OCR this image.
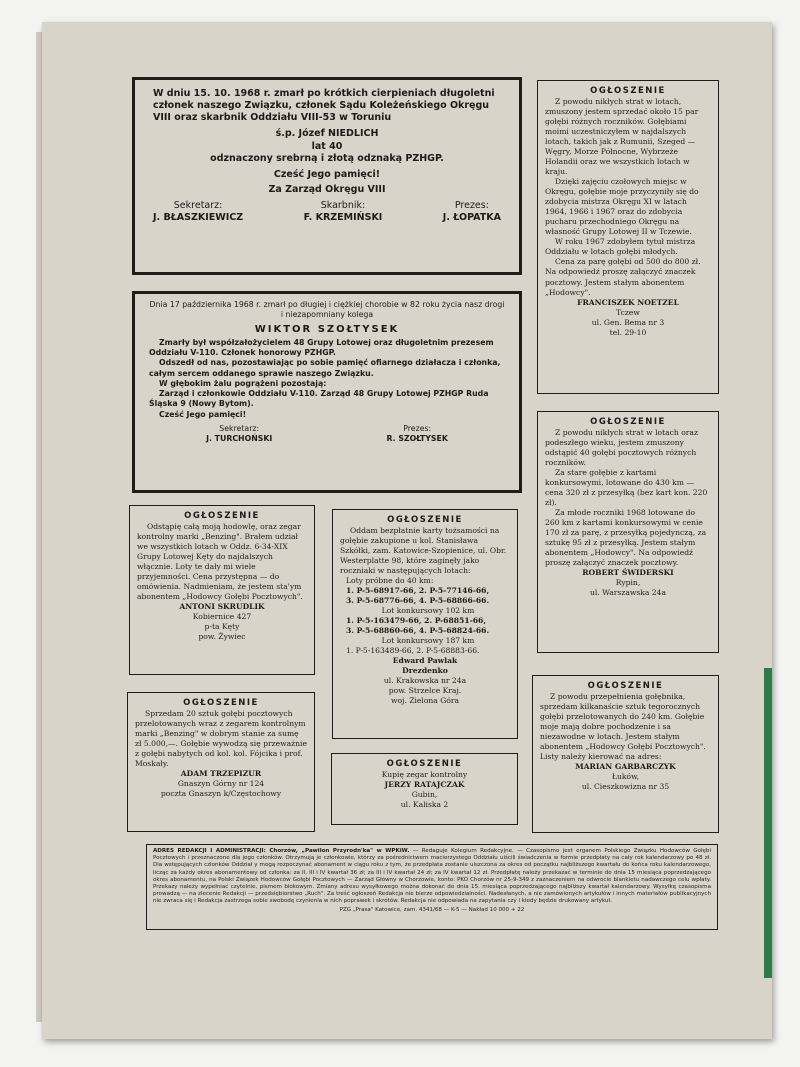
W dniu 15. 10. 1968 r. zmarł po krótkich cierpieniach długoletni członek naszego Związku, członek Sądu Koleżeńskiego Okręgu VIII oraz skarbnik Oddziału VIII-53 w Toruniu

ś.p. Józef NIEDLICH

lat 40

odznaczony srebrną i złotą odznaką PZHGP.

Cześć Jego pamięci!

Za Zarząd Okręgu VIII

Sekretarz:

J. BŁASZKIEWICZ

Skarbnik:

F. KRZEMIŃSKI

Prezes:

J. ŁOPATKA

Dnia 17 października 1968 r. zmarł po długiej i ciężkiej chorobie w 82 roku życia nasz drogi i niezapomniany kolega

WIKTOR SZOŁTYSEK

Zmarły był współzałożycielem 48 Grupy Lotowej oraz długoletnim prezesem Oddziału V-110. Członek honorowy PZHGP.

Odszedł od nas, pozostawiając po sobie pamięć ofiarnego działacza i członka, całym sercem oddanego sprawie naszego Związku.

W głębokim żalu pogrążeni pozostają:

Zarząd i członkowie Oddziału V-110. Zarząd 48 Grupy Lotowej PZHGP Ruda Śląska 9 (Nowy Bytom).

Cześć Jego pamięci!

Sekretarz:

J. TURCHOŃSKI

Prezes:

R. SZOŁTYSEK

OGŁOSZENIE

Z powodu nikłych strat w lotach, zmuszony jestem sprzedać około 15 par gołębi różnych roczników. Gołębiami moimi uczestniczyłem w najdalszych lotach, takich jak z Rumunii, Szeged — Węgry, Morze Północne, Wybrzeże Holandii oraz we wszystkich lotach w kraju.

Dzięki zajęciu czołowych miejsc w Okręgu, gołębie moje przyczyniły się do zdobycia mistrza Okręgu XI w latach 1964, 1966 i 1967 oraz do zdobycia pucharu przechodniego Okręgu na własność Grupy Lotowej II w Tczewie.

W roku 1967 zdobyłem tytuł mistrza Oddziału w lotach gołębi młodych.

Cena za parę gołębi od 500 do 800 zł. Na odpowiedź proszę załączyć znaczek pocztowy. Jestem stałym abonentem „Hodowcy".

FRANCISZEK NOETZEL

Tczew

ul. Gen. Bema nr 3

tel. 29-10

OGŁOSZENIE

Z powodu nikłych strat w lotach oraz podeszłego wieku, jestem zmuszony odstąpić 40 gołębi pocztowych różnych roczników.

Za stare gołębie z kartami konkursowymi, lotowane do 430 km — cena 320 zł z przesyłką (bez kart kon. 220 zł).

Za młode roczniki 1968 lotowane do 260 km z kartami konkursowymi w cenie 170 zł za parę, z przesyłką pojedynczą, za sztukę 95 zł z przesyłką. Jestem stałym abonentem „Hodowcy". Na odpowiedź proszę załączyć znaczek pocztowy.

ROBERT ŚWIDERSKI

Rypin,

ul. Warszawska 24a

OGŁOSZENIE

Z powodu przepełnienia gołębnika, sprzedam kilkanaście sztuk tegorocznych gołębi przelotowanych do 240 km. Gołębie moje mają dobre pochodzenie i sa niezawodne w lotach. Jestem stałym abonentem „Hodowcy Gołębi Pocztowych". Listy należy kierować na adres:

MARIAN GARBARCZYK

Łuków,

ul. Cieszkowizna nr 35

OGŁOSZENIE

Odstąpię całą moją hodowlę, oraz zegar kontrolny marki „Benzing". Brałem udział we wszystkich lotach w Oddz. 6-34-XIX Grupy Lotowej Kęty do najdalszych włącznie. Loty te dały mi wiele przyjemności. Cena przystępna — do omówienia. Nadmieniam, że jestem sta'ym abonentem „Hodowcy Gołębi Pocztowych".

ANTONI SKRUDLIK

Kobiernice 427

p-ta Kęty

pow. Żywiec

OGŁOSZENIE

Oddam bezpłatnie karty tożsamości na gołębie zakupione u kol. Stanisława Szkółki, zam. Katowice-Szopienice, ul. Obr. Westerplatte 98, które zaginęły jako roczniaki w następujących lotach:

Loty próbne do 40 km:

1. P-5-68917-66, 2. P-5-77146-66,

3. P-5-68776-66, 4. P-5-68866-66.

Lot konkursowy 102 km

1. P-5-163479-66, 2. P-68851-66,

3. P-5-68860-66, 4. P-5-68824-66.

Lot konkursowy 187 km

1. P-5-163489-66, 2. P-5-68883-66.

Edward Pawlak

Drezdenko

ul. Krakowska nr 24a

pow. Strzelce Kraj.

woj. Zielona Góra

OGŁOSZENIE

Sprzedam 20 sztuk gołębi pocztowych przelotowanych wraz z zegarem kontrolnym marki „Benzing" w dobrym stanie za sumę zł 5.000,—. Gołębie wywodzą się przeważnie z gołębi nabytych od kol. kol. Fójcika i prof. Moskały.

ADAM TRZEPIZUR

Gnaszyn Górny nr 124

poczta Gnaszyn k/Częstochowy

OGŁOSZENIE

Kupię zegar kontrolny

JERZY RATAJCZAK

Gubin,

ul. Kaliska 2

ADRES REDAKCJI I ADMINISTRACJI: Chorzów, „Pawilon Przyrodn'ka" w WPKiW. — Redaguje Kolegium Redakcyjne. — Czasopismo jest organem Polskiego Związku Hodowców Gołębi Pocztowych i przeznaczone dla jego członków. Otrzymują je członkowie, którzy za pośrednictwem macierzystego Oddziału uiścili świadczenia w formie przedpłaty na cały rok kalendarzowy po 48 zł. Dla wstępujących członków Oddział y mogą rozpoczynać abonament w ciągu roku z tym, że przedpłata zostanie uiszczona za okres od początku najbliższego kwartału do końca roku kalendarzowego, licząc za każdy okres abonamentowy od członka: za II, III i IV kwartał 36 zł; za III i IV kwartał 24 zł; za IV kwartał 12 zł. Przedpłatę należy przekazać w terminie do dnia 15 miesiąca poprzedzającego okres abonamentu, na Polski Związek Hodowców Gołębi Pocztowych — Zarząd Główny w Chorzowie, konto: PKO Chorzów nr 25-9-349 z zaznaczeniem na odwrocie blankietu nadawczego celu wpłaty. Przekazy należy wypełniać czytelnie, pismem blokowym. Zmiany adresu wysyłkowego można dokonać do dnia 15. miesiąca poprzedzającego najbliższy kwartał kalendarzowy. Wysyłkę czasopisma prowadzą — na zlecenie Redakcji — przedsiębiorstwo „Ruch". Za treść ogłoszeń Redakcja nie bierze odpowiedzialności. Nadesłanych, a nie zamówionych artykułów i innych materiałów publikacyjnych nie zwraca się i Redakcja zastrzega sobie swobodę czynienia w nich poprawek i skrótów. Redakcja nie odpowiada na zapytania czy i kiedy będzie drukowany artykuł.

PZG „Prasa" Katowice, zam. 4341/68 — K-5 — Nakład 10 000 + 22
